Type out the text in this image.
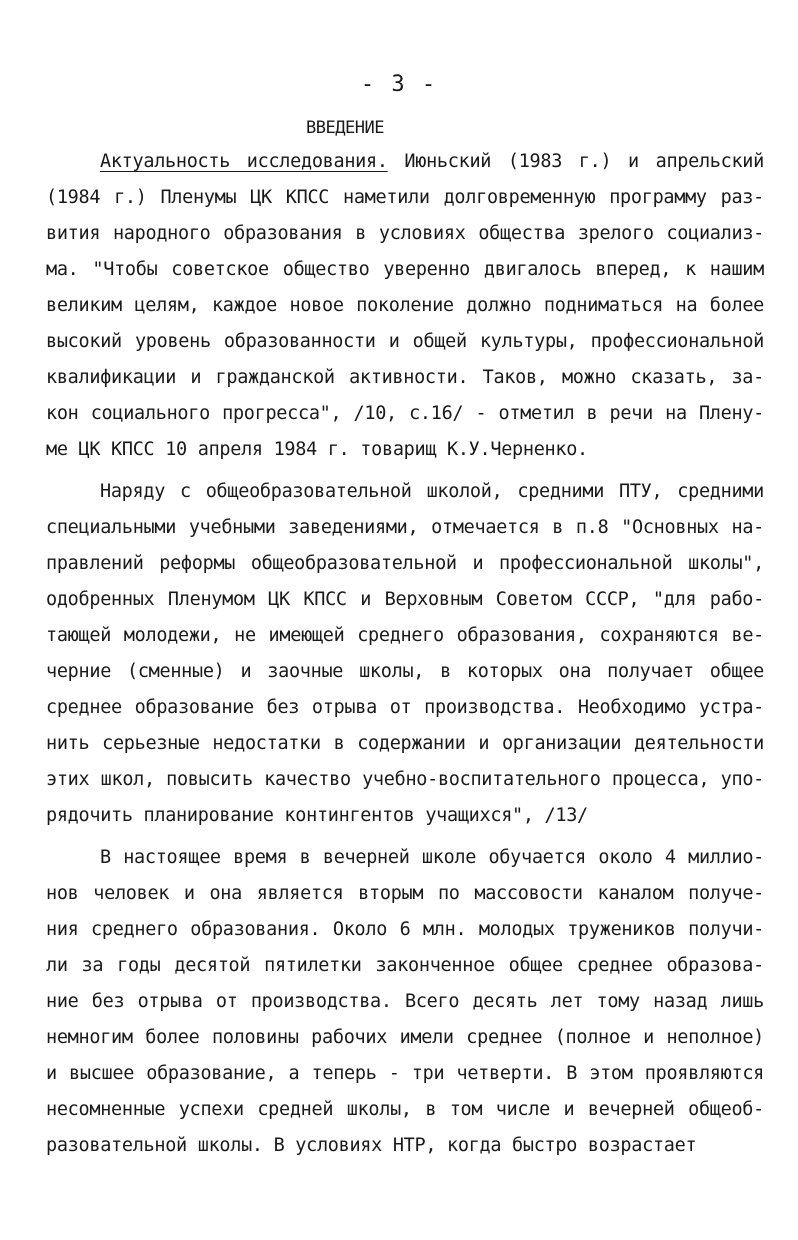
- 3 -
ВВЕДЕНИЕ
Актуальность исследования. Июньский (1983 г.) и апрельский
(1984 г.) Пленумы ЦК КПСС наметили долговременную программу раз-
вития народного образования в условиях общества зрелого социализ-
ма. "Чтобы советское общество уверенно двигалось вперед, к нашим
великим целям, каждое новое поколение должно подниматься на более
высокий уровень образованности и общей культуры, профессиональной
квалификации и гражданской активности. Таков, можно сказать, за-
кон социального прогресса", /10, с.16/ - отметил в речи на Плену-
ме ЦК КПСС 10 апреля 1984 г. товарищ К.У.Черненко.
Наряду с общеобразовательной школой, средними ПТУ, средними
специальными учебными заведениями, отмечается в п.8 "Основных на-
правлений реформы общеобразовательной и профессиональной школы",
одобренных Пленумом ЦК КПСС и Верховным Советом СССР, "для рабо-
тающей молодежи, не имеющей среднего образования, сохраняются ве-
черние (сменные) и заочные школы, в которых она получает общее
среднее образование без отрыва от производства. Необходимо устра-
нить серьезные недостатки в содержании и организации деятельности
этих школ, повысить качество учебно-воспитательного процесса, упо-
рядочить планирование контингентов учащихся", /13/
В настоящее время в вечерней школе обучается около 4 миллио-
нов человек и она является вторым по массовости каналом получе-
ния среднего образования. Около 6 млн. молодых тружеников получи-
ли за годы десятой пятилетки законченное общее среднее образова-
ние без отрыва от производства. Всего десять лет тому назад лишь
немногим более половины рабочих имели среднее (полное и неполное)
и высшее образование, а теперь - три четверти. В этом проявляются
несомненные успехи средней школы, в том числе и вечерней общеоб-
разовательной школы. В условиях НТР, когда быстро возрастает
